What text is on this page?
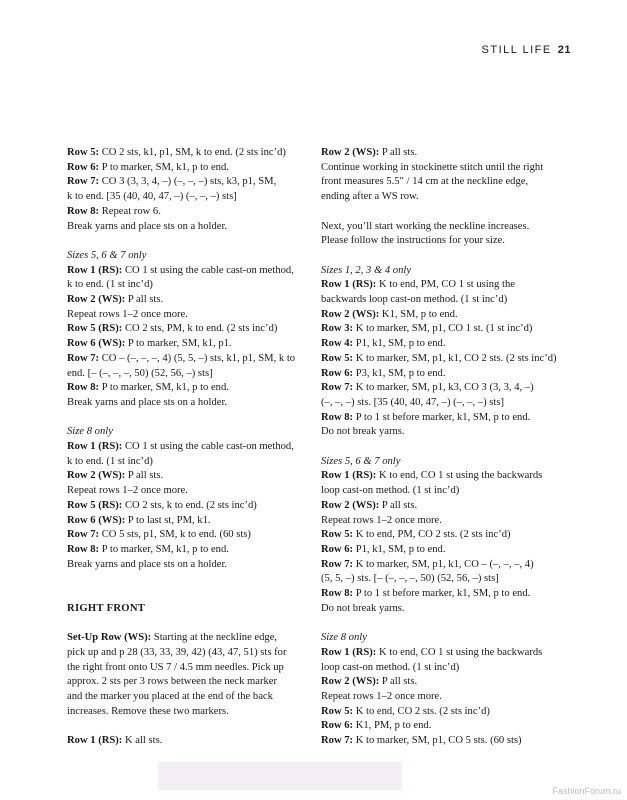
STILL LIFE 21
Row 5: CO 2 sts, k1, p1, SM, k to end. (2 sts inc’d)
Row 6: P to marker, SM, k1, p to end.
Row 7: CO 3 (3, 3, 4, –) (–, –, –) sts, k3, p1, SM,
k to end. [35 (40, 40, 47, –) (–, –, –) sts]
Row 8: Repeat row 6.
Break yarns and place sts on a holder.
Sizes 5, 6 & 7 only
Row 1 (RS): CO 1 st using the cable cast-on method,
k to end. (1 st inc’d)
Row 2 (WS): P all sts.
Repeat rows 1–2 once more.
Row 5 (RS): CO 2 sts, PM, k to end. (2 sts inc’d)
Row 6 (WS): P to marker, SM, k1, p1.
Row 7: CO – (–, –, –, 4) (5, 5, –) sts, k1, p1, SM, k to
end. [– (–, –, –, 50) (52, 56, –) sts]
Row 8: P to marker, SM, k1, p to end.
Break yarns and place sts on a holder.
Size 8 only
Row 1 (RS): CO 1 st using the cable cast-on method,
k to end. (1 st inc’d)
Row 2 (WS): P all sts.
Repeat rows 1–2 once more.
Row 5 (RS): CO 2 sts, k to end. (2 sts inc’d)
Row 6 (WS): P to last st, PM, k1.
Row 7: CO 5 sts, p1, SM, k to end. (60 sts)
Row 8: P to marker, SM, k1, p to end.
Break yarns and place sts on a holder.
RIGHT FRONT
Set-Up Row (WS): Starting at the neckline edge,
pick up and p 28 (33, 33, 39, 42) (43, 47, 51) sts for
the right front onto US 7 / 4.5 mm needles. Pick up
approx. 2 sts per 3 rows between the neck marker
and the marker you placed at the end of the back
increases. Remove these two markers.
Row 1 (RS): K all sts.
Row 2 (WS): P all sts.
Continue working in stockinette stitch until the right
front measures 5.5″ / 14 cm at the neckline edge,
ending after a WS row.
Next, you’ll start working the neckline increases.
Please follow the instructions for your size.
Sizes 1, 2, 3 & 4 only
Row 1 (RS): K to end, PM, CO 1 st using the
backwards loop cast-on method. (1 st inc’d)
Row 2 (WS): K1, SM, p to end.
Row 3: K to marker, SM, p1, CO 1 st. (1 st inc’d)
Row 4: P1, k1, SM, p to end.
Row 5: K to marker, SM, p1, k1, CO 2 sts. (2 sts inc’d)
Row 6: P3, k1, SM, p to end.
Row 7: K to marker, SM, p1, k3, CO 3 (3, 3, 4, –)
(–, –, –) sts. [35 (40, 40, 47, –) (–, –, –) sts]
Row 8: P to 1 st before marker, k1, SM, p to end.
Do not break yarns.
Sizes 5, 6 & 7 only
Row 1 (RS): K to end, CO 1 st using the backwards
loop cast-on method. (1 st inc’d)
Row 2 (WS): P all sts.
Repeat rows 1–2 once more.
Row 5: K to end, PM, CO 2 sts. (2 sts inc’d)
Row 6: P1, k1, SM, p to end.
Row 7: K to marker, SM, p1, k1, CO – (–, –, –, 4)
(5, 5, –) sts. [– (–, –, –, 50) (52, 56, –) sts]
Row 8: P to 1 st before marker, k1, SM, p to end.
Do not break yarns.
Size 8 only
Row 1 (RS): K to end, CO 1 st using the backwards
loop cast-on method. (1 st inc’d)
Row 2 (WS): P all sts.
Repeat rows 1–2 once more.
Row 5: K to end, CO 2 sts. (2 sts inc’d)
Row 6: K1, PM, p to end.
Row 7: K to marker, SM, p1, CO 5 sts. (60 sts)
FashionForum.ru
